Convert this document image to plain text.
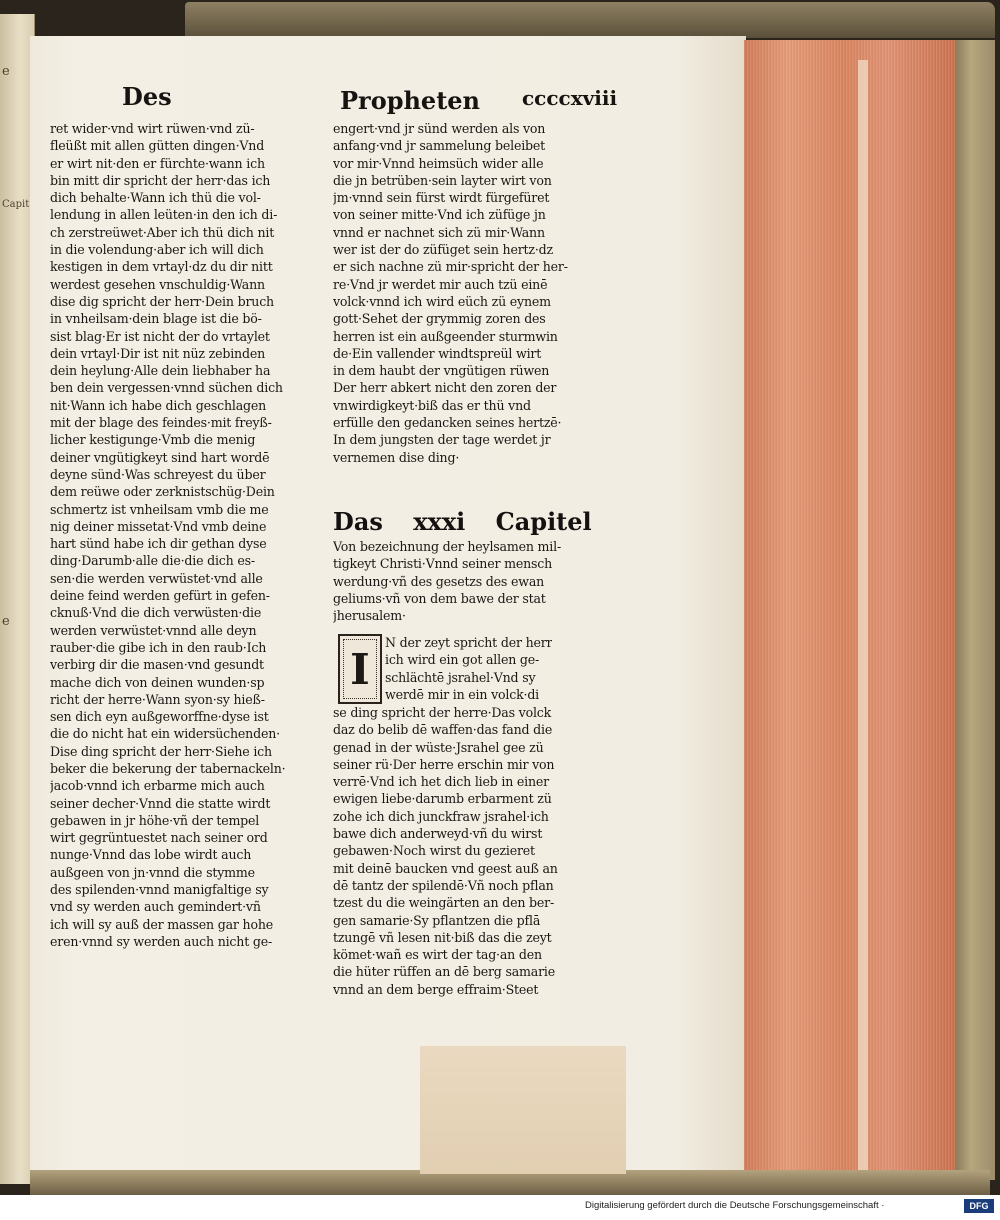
e
Capit
e
Des	Propheten ccccxviii
ret wider·vnd wirt rüwen·vnd zü-
fleüßt mit allen gütten dingen·Vnd
er wirt nit·den er fürchte·wann ich
bin mitt dir spricht der herr·das ich
dich behalte·Wann ich thü die vol-
lendung in allen leüten·in den ich di-
ch zerstreüwet·Aber ich thü dich nit
in die volendung·aber ich will dich
kestigen in dem vrtayl·dz du dir nitt
werdest gesehen vnschuldig·Wann
dise dig spricht der herr·Dein bruch
in vnheilsam·dein blage ist die bö-
sist blag·Er ist nicht der do vrtaylet
dein vrtayl·Dir ist nit nüz zebinden
dein heylung·Alle dein liebhaber ha
ben dein vergessen·vnnd süchen dich
nit·Wann ich habe dich geschlagen
mit der blage des feindes·mit freyß-
licher kestigunge·Vmb die menig
deiner vngütigkeyt sind hart wordē
deyne sünd·Was schreyest du über
dem reüwe oder zerknistschüg·Dein
schmertz ist vnheilsam vmb die me
nig deiner missetat·Vnd vmb deine
hart sünd habe ich dir gethan dyse
ding·Darumb·alle die·die dich es-
sen·die werden verwüstet·vnd alle
deine feind werden gefürt in gefen-
cknuß·Vnd die dich verwüsten·die
werden verwüstet·vnnd alle deyn
rauber·die gibe ich in den raub·Ich
verbirg dir die masen·vnd gesundt
mache dich von deinen wunden·sp
richt der herre·Wann syon·sy hieß-
sen dich eyn außgeworffne·dyse ist
die do nicht hat ein widersüchenden·
Dise ding spricht der herr·Siehe ich
beker die bekerung der tabernackeln·
jacob·vnnd ich erbarme mich auch
seiner decher·Vnnd die statte wirdt
gebawen in jr höhe·vñ der tempel
wirt gegrüntuestet nach seiner ord
nunge·Vnnd das lobe wirdt auch
außgeen von jn·vnnd die stymme
des spilenden·vnnd manigfaltige sy
vnd sy werden auch gemindert·vñ
ich will sy auß der massen gar hohe
eren·vnnd sy werden auch nicht ge-
engert·vnd jr sünd werden als von
anfang·vnd jr sammelung beleibet
vor mir·Vnnd heimsüch wider alle
die jn betrüben·sein layter wirt von
jm·vnnd sein fürst wirdt fürgefüret
von seiner mitte·Vnd ich züfüge jn
vnnd er nachnet sich zü mir·Wann
wer ist der do züfüget sein hertz·dz
er sich nachne zü mir·spricht der her-
re·Vnd jr werdet mir auch tzü einē
volck·vnnd ich wird eüch zü eynem
gott·Sehet der grymmig zoren des
herren ist ein außgeender sturmwin
de·Ein vallender windtspreül wirt
in dem haubt der vngütigen rüwen
Der herr abkert nicht den zoren der
vnwirdigkeyt·biß das er thü vnd
erfülle den gedancken seines hertzē·
In dem jungsten der tage werdet jr
vernemen dise ding·
Das xxxi Capitel
Von bezeichnung der heylsamen mil-
tigkeyt Christi·Vnnd seiner mensch
werdung·vñ des gesetzs des ewan
geliums·vñ von dem bawe der stat
jherusalem·
I
N der zeyt spricht der herr
ich wird ein got allen ge-
schlächtē jsrahel·Vnd sy
werdē mir in ein volck·di
se ding spricht der herre·Das volck
daz do belib dē waffen·das fand die
genad in der wüste·Jsrahel gee zü
seiner rü·Der herre erschin mir von
verrē·Vnd ich het dich lieb in einer
ewigen liebe·darumb erbarment zü
zohe ich dich junckfraw jsrahel·ich
bawe dich anderweyd·vñ du wirst
gebawen·Noch wirst du gezieret
mit deinē baucken vnd geest auß an
dē tantz der spilendē·Vñ noch pflan
tzest du die weingärten an den ber-
gen samarie·Sy pflantzen die pflā
tzungē vñ lesen nit·biß das die zeyt
kömet·wañ es wirt der tag·an den
die hüter rüffen an dē berg samarie
vnnd an dem berge effraim·Steet
Digitalisierung gefördert durch die Deutsche Forschungsgemeinschaft ·	DFG
